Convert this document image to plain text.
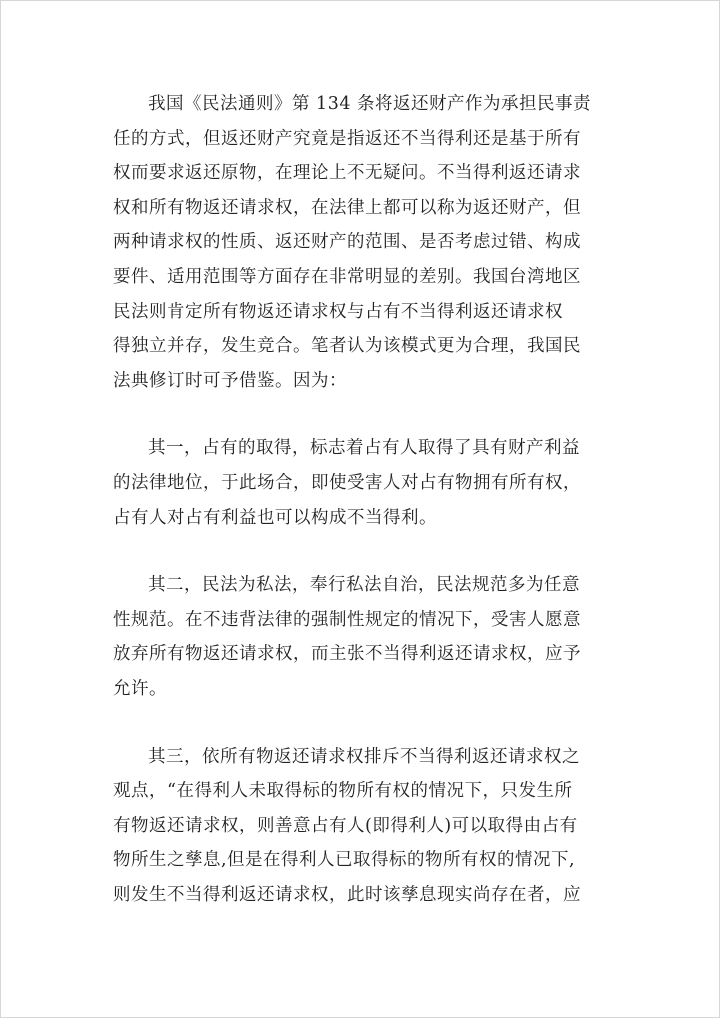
我国《民法通则》第 134 条将返还财产作为承担民事责
任的方式，但返还财产究竟是指返还不当得利还是基于所有
权而要求返还原物，在理论上不无疑问。不当得利返还请求
权和所有物返还请求权，在法律上都可以称为返还财产，但
两种请求权的性质、返还财产的范围、是否考虑过错、构成
要件、适用范围等方面存在非常明显的差别。我国台湾地区
民法则肯定所有物返还请求权与占有不当得利返还请求权
得独立并存，发生竞合。笔者认为该模式更为合理，我国民
法典修订时可予借鉴。因为：
其一，占有的取得，标志着占有人取得了具有财产利益
的法律地位，于此场合，即使受害人对占有物拥有所有权，
占有人对占有利益也可以构成不当得利。
其二，民法为私法，奉行私法自治，民法规范多为任意
性规范。在不违背法律的强制性规定的情况下，受害人愿意
放弃所有物返还请求权，而主张不当得利返还请求权，应予
允许。
其三，依所有物返还请求权排斥不当得利返还请求权之
观点，“在得利人未取得标的物所有权的情况下，只发生所
有物返还请求权，则善意占有人(即得利人)可以取得由占有
物所生之孳息,但是在得利人已取得标的物所有权的情况下,
则发生不当得利返还请求权，此时该孳息现实尚存在者，应
